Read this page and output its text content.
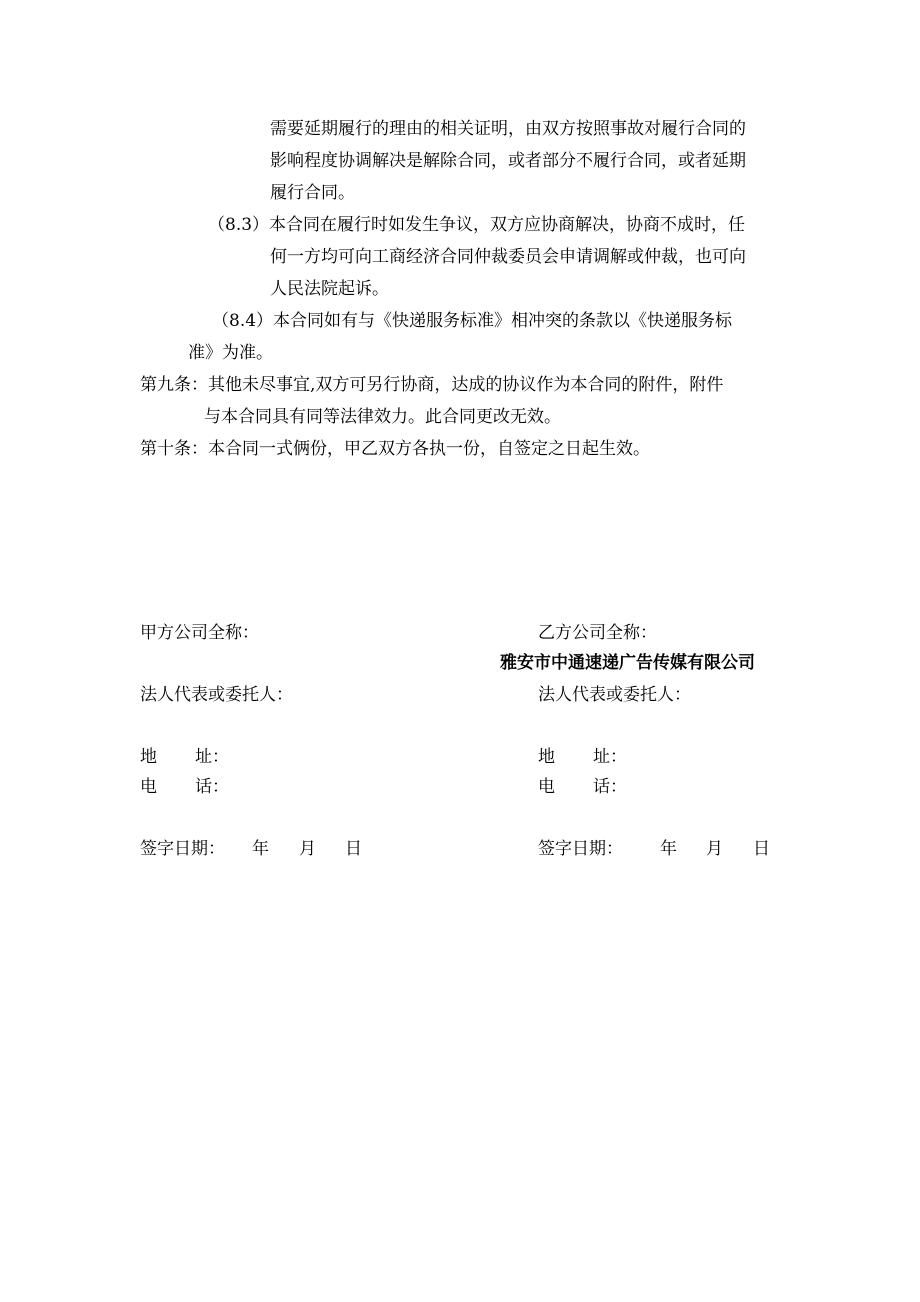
需要延期履行的理由的相关证明，由双方按照事故对履行合同的
影响程度协调解决是解除合同，或者部分不履行合同，或者延期
履行合同。
（8.3）本合同在履行时如发生争议，双方应协商解决，协商不成时，任
何一方均可向工商经济合同仲裁委员会申请调解或仲裁，也可向
人民法院起诉。
（8.4）本合同如有与《快递服务标准》相冲突的条款以《快递服务标
准》为准。
第九条：其他未尽事宜,双方可另行协商，达成的协议作为本合同的附件，附件
与本合同具有同等法律效力。此合同更改无效。
第十条：本合同一式俩份，甲乙双方各执一份，自签定之日起生效。
甲方公司全称：
法人代表或委托人：
地 址：
电 话：
签字日期： 年 月 日
乙方公司全称：
雅安市中通速递广告传媒有限公司
法人代表或委托人：
地 址：
电 话：
签字日期： 年 月 日
